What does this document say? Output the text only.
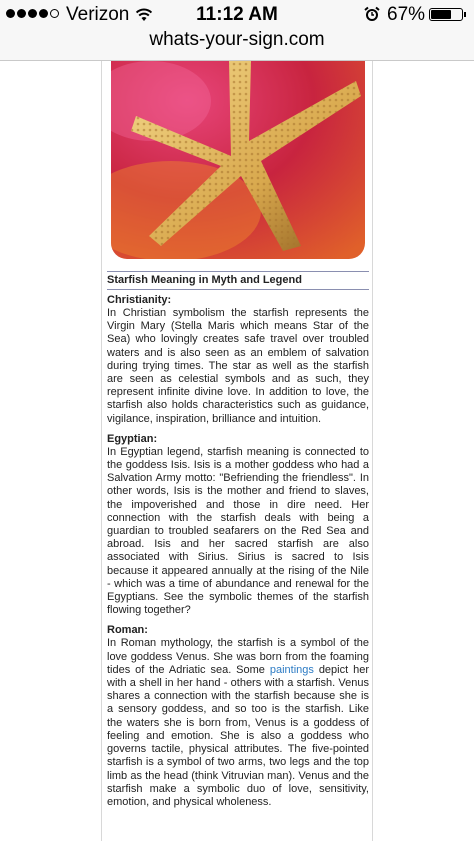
Verizon	11:12 AM	67%
whats-your-sign.com
Starfish Meaning in Myth and Legend

Christianity:

In Christian symbolism the starfish represents the Virgin Mary (Stella Maris which means Star of the Sea) who lovingly creates safe travel over troubled waters and is also seen as an emblem of salvation during trying times. The star as well as the starfish are seen as celestial symbols and as such, they represent infinite divine love. In addition to love, the starfish also holds characteristics such as guidance, vigilance, inspiration, brilliance and intuition.

Egyptian:

In Egyptian legend, starfish meaning is connected to the goddess Isis. Isis is a mother goddess who had a Salvation Army motto: "Befriending the friendless". In other words, Isis is the mother and friend to slaves, the impoverished and those in dire need. Her connection with the starfish deals with being a guardian to troubled seafarers on the Red Sea and abroad. Isis and her sacred starfish are also associated with Sirius. Sirius is sacred to Isis because it appeared annually at the rising of the Nile - which was a time of abundance and renewal for the Egyptians. See the symbolic themes of the starfish flowing together?

Roman:

In Roman mythology, the starfish is a symbol of the love goddess Venus. She was born from the foaming tides of the Adriatic sea. Some paintings depict her with a shell in her hand - others with a starfish. Venus shares a connection with the starfish because she is a sensory goddess, and so too is the starfish. Like the waters she is born from, Venus is a goddess of feeling and emotion. She is also a goddess who governs tactile, physical attributes. The five-pointed starfish is a symbol of two arms, two legs and the top limb as the head (think Vitruvian man). Venus and the starfish make a symbolic duo of love, sensitivity, emotion, and physical wholeness.
